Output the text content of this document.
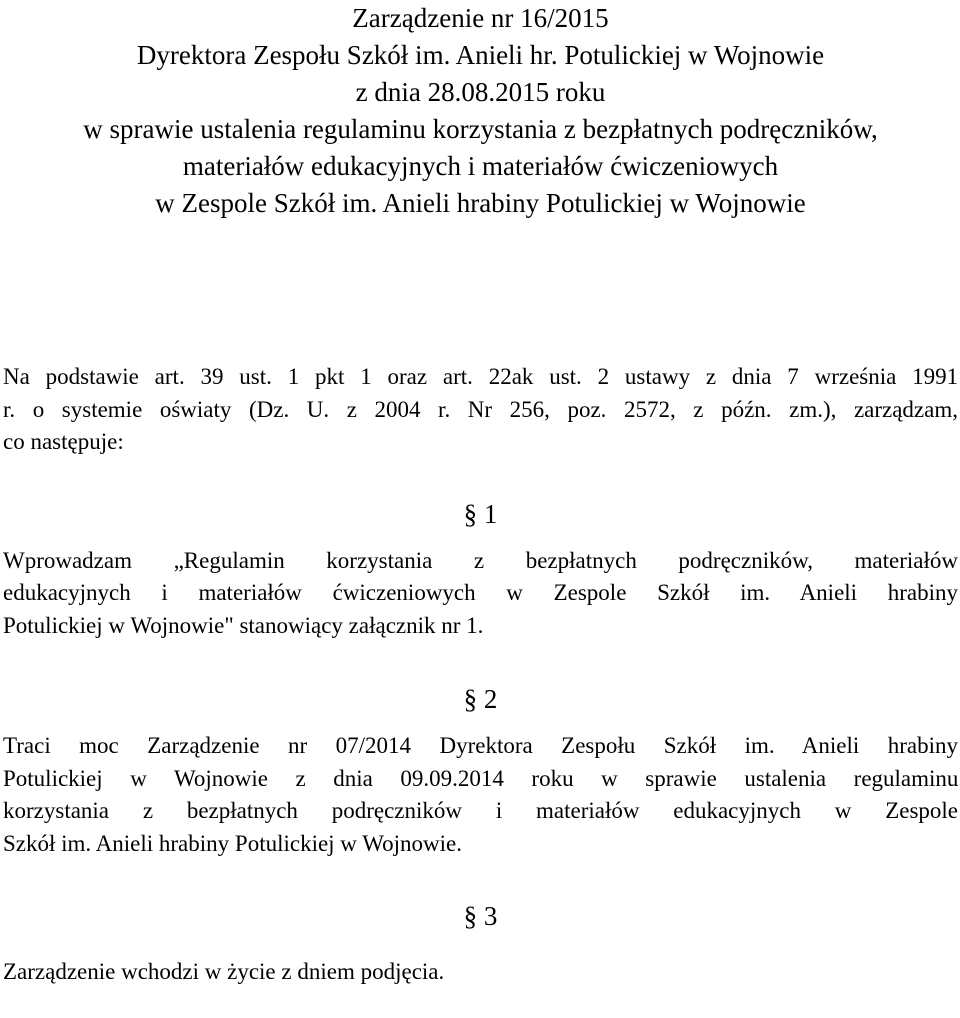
Zarządzenie nr 16/2015
Dyrektora Zespołu Szkół im. Anieli hr. Potulickiej w Wojnowie
z dnia 28.08.2015 roku
w sprawie ustalenia regulaminu korzystania z bezpłatnych podręczników,
materiałów edukacyjnych i materiałów ćwiczeniowych
w Zespole Szkół im. Anieli hrabiny Potulickiej w Wojnowie
Na podstawie art. 39 ust. 1 pkt 1 oraz art. 22ak ust. 2 ustawy z dnia 7 września 1991
r. o systemie oświaty (Dz. U. z 2004 r. Nr 256, poz. 2572, z późn. zm.), zarządzam,
co następuje:
§ 1
Wprowadzam „Regulamin korzystania z bezpłatnych podręczników, materiałów
edukacyjnych i materiałów ćwiczeniowych w Zespole Szkół im. Anieli hrabiny
Potulickiej w Wojnowie" stanowiący załącznik nr 1.
§ 2
Traci moc Zarządzenie nr 07/2014 Dyrektora Zespołu Szkół im. Anieli hrabiny
Potulickiej w Wojnowie z dnia 09.09.2014 roku w sprawie ustalenia regulaminu
korzystania z bezpłatnych podręczników i materiałów edukacyjnych w Zespole
Szkół im. Anieli hrabiny Potulickiej w Wojnowie.
§ 3
Zarządzenie wchodzi w życie z dniem podjęcia.
